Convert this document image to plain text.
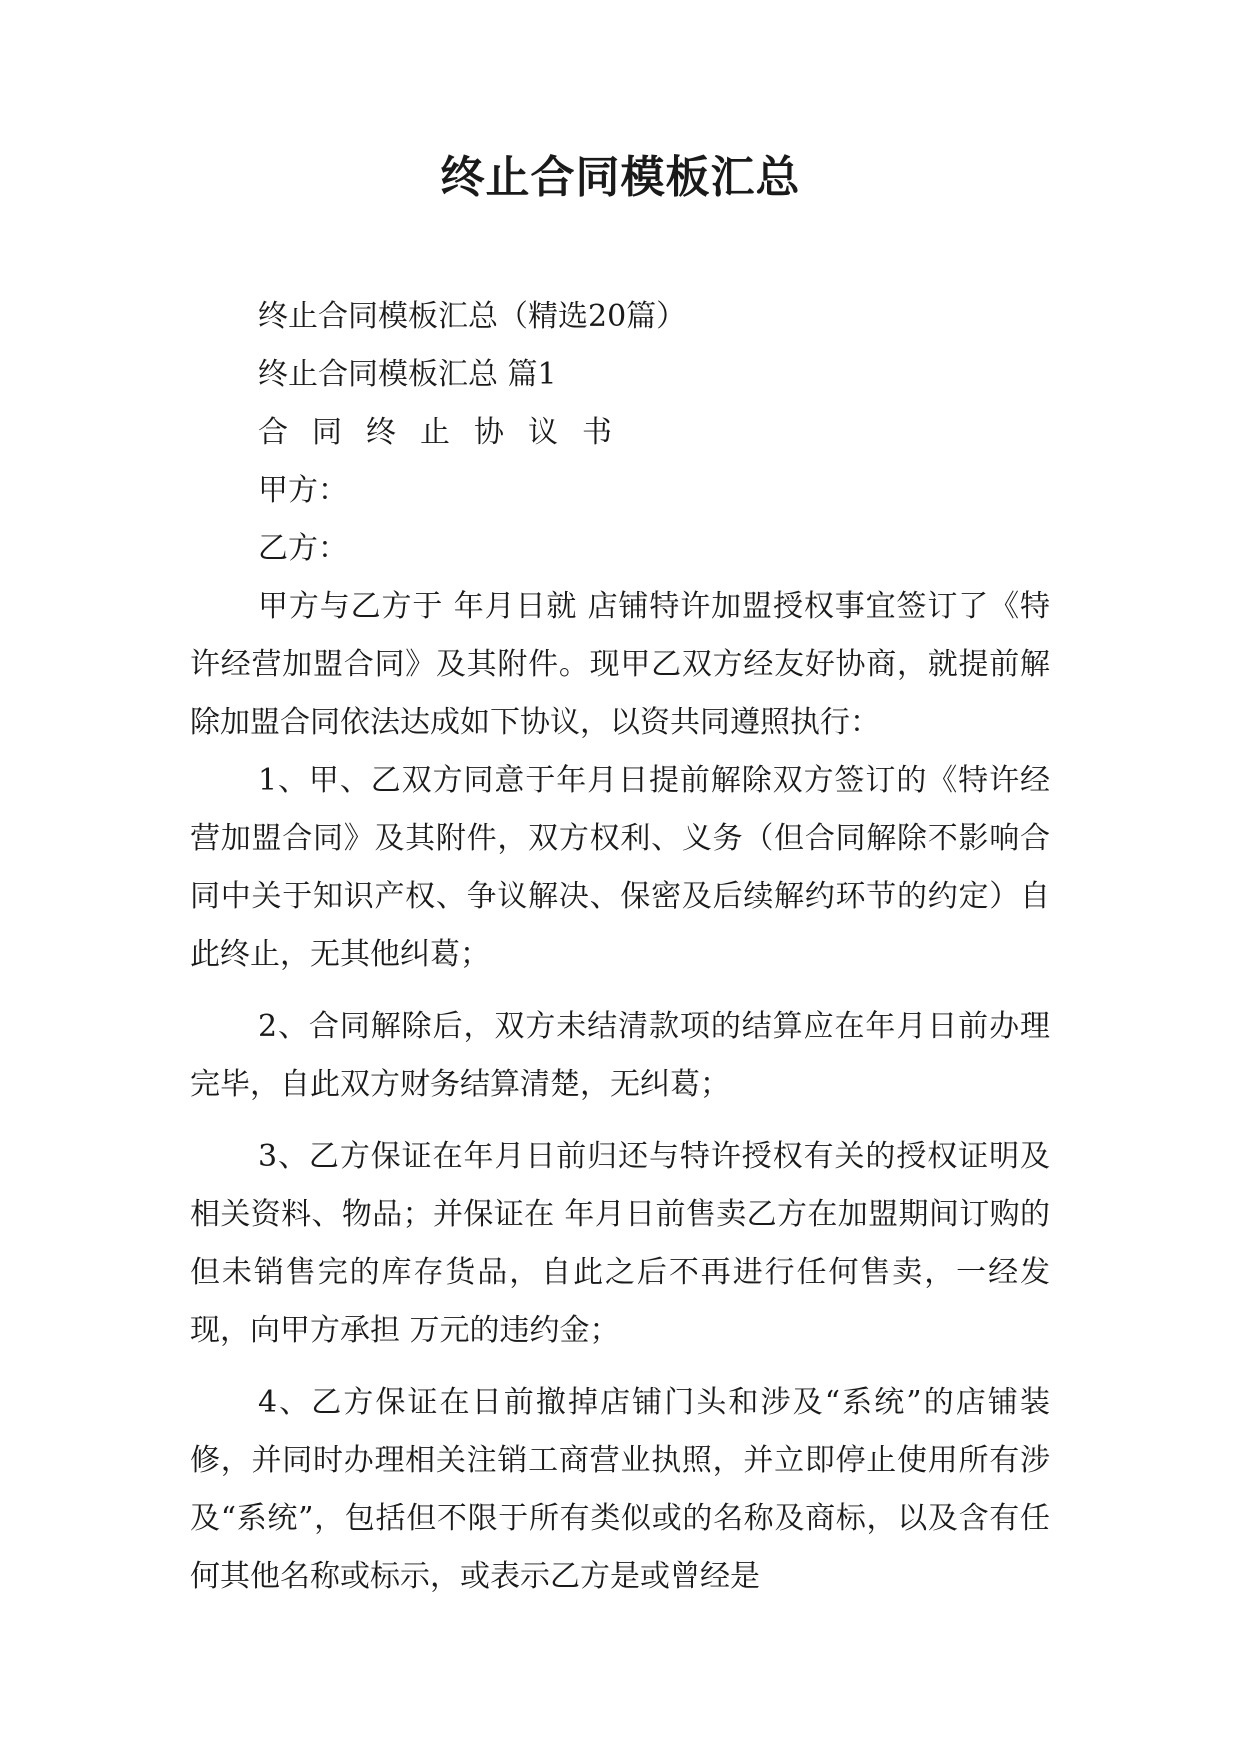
终止合同模板汇总

终止合同模板汇总（精选20篇）

终止合同模板汇总 篇1

合同终止协议书

甲方：

乙方：

甲方与乙方于 年月日就 店铺特许加盟授权事宜签订了《特许经营加盟合同》及其附件。现甲乙双方经友好协商，就提前解除加盟合同依法达成如下协议，以资共同遵照执行：

1、甲、乙双方同意于年月日提前解除双方签订的《特许经营加盟合同》及其附件，双方权利、义务（但合同解除不影响合同中关于知识产权、争议解决、保密及后续解约环节的约定）自此终止，无其他纠葛；

2、合同解除后，双方未结清款项的结算应在年月日前办理完毕，自此双方财务结算清楚，无纠葛；

3、乙方保证在年月日前归还与特许授权有关的授权证明及相关资料、物品；并保证在 年月日前售卖乙方在加盟期间订购的但未销售完的库存货品，自此之后不再进行任何售卖，一经发现，向甲方承担 万元的违约金；

4、乙方保证在日前撤掉店铺门头和涉及“系统”的店铺装修，并同时办理相关注销工商营业执照，并立即停止使用所有涉及“系统”，包括但不限于所有类似或的名称及商标，以及含有任何其他名称或标示，或表示乙方是或曾经是
